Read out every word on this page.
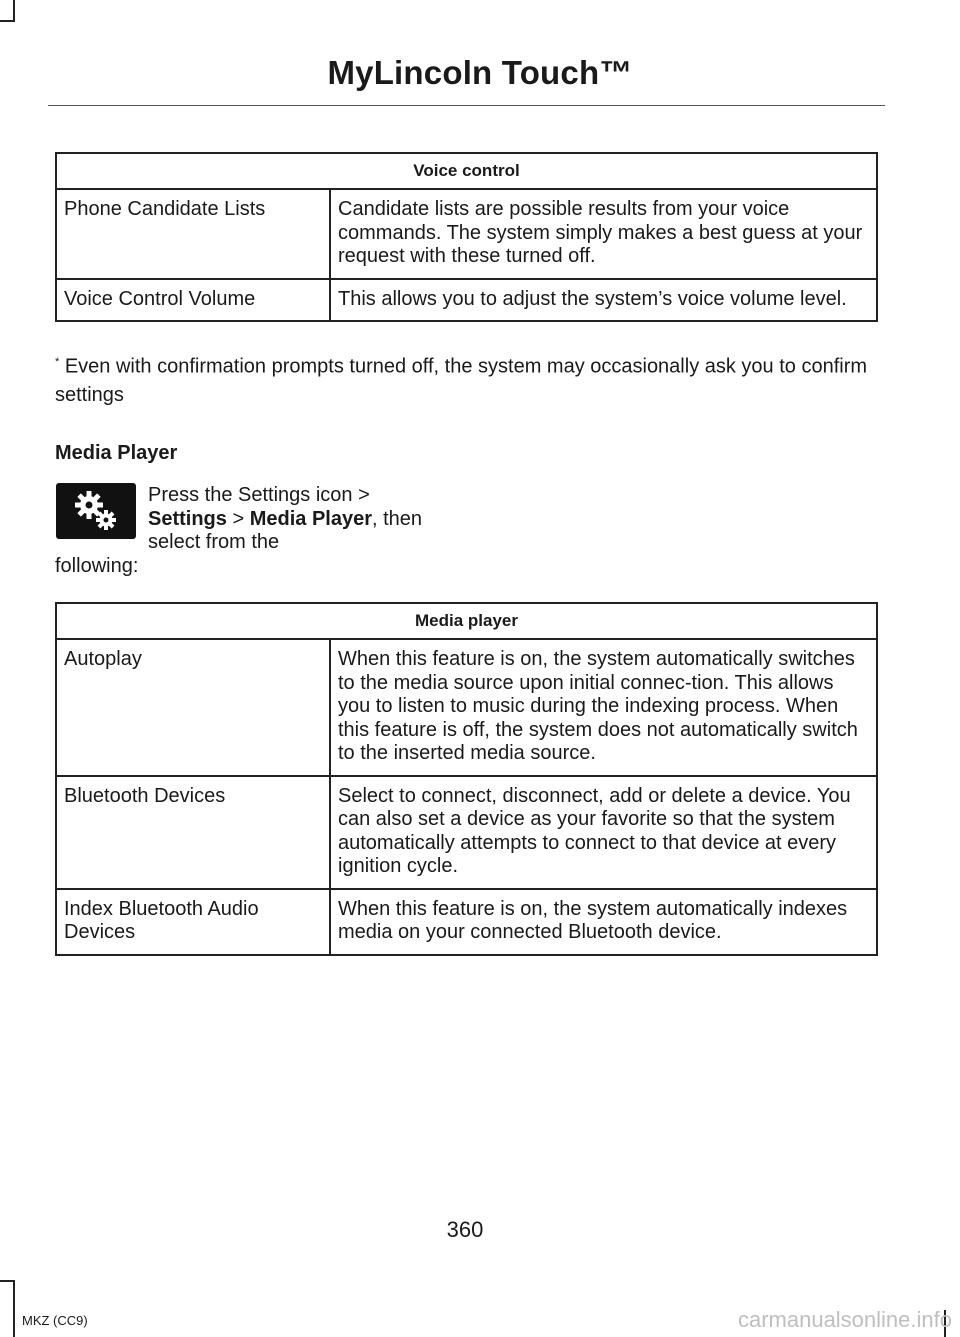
MyLincoln Touch™
Voice control	
Phone Candidate Lists	Candidate lists are possible results from your voice commands. The system simply makes a best guess at your request with these turned off.
Voice Control Volume	This allows you to adjust the system’s voice volume level.
* Even with confirmation prompts turned off, the system may occasionally ask you to confirm settings
Media Player
Press the Settings icon >
Settings > Media Player, then select from the
following:
Media player	
Autoplay	When this feature is on, the system automatically switches to the media source upon initial connec-tion. This allows you to listen to music during the indexing process. When this feature is off, the system does not automatically switch to the inserted media source.
Bluetooth Devices	Select to connect, disconnect, add or delete a device. You can also set a device as your favorite so that the system automatically attempts to connect to that device at every ignition cycle.
Index Bluetooth Audio Devices	When this feature is on, the system automatically indexes media on your connected Bluetooth device.
360
MKZ (CC9)	carmanualsonline.info
